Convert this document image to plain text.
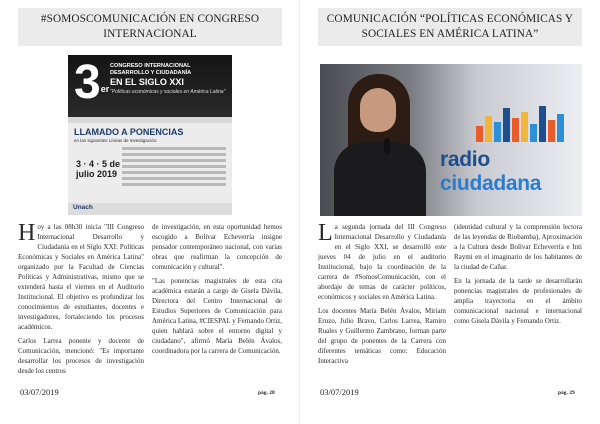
#SOMOSCOMUNICACIÓN EN CONGRESO INTERNACIONAL
3er
CONGRESO INTERNACIONAL DESARROLLO Y CIUDADANÍA
EN EL SIGLO XXI
"Políticas económicas y sociales en América Latina"
LLAMADO A PONENCIAS
en las siguientes Líneas de Investigación:
3 · 4 · 5 de julio 2019
Unach

Hoy a las 08h30 inicia "III Congreso Internacional Desarrollo y Ciudadanía en el Siglo XXI: Políticas Económicas y Sociales en América Latina" organizado por la Facultad de Ciencias Políticas y Administrativas, mismo que se extenderá hasta el viernes en el Auditorio Institucional. El objetivo es profundizar los conocimientos de estudiantes, docentes e investigadores, fortaleciendo los procesos académicos.

Carlos Larrea ponente y docente de Comunicación, mencionó: "Es importante desarrollar los procesos de investigación desde los centros

de investigación, en esta oportunidad hemos escogido a Bolívar Echeverría insigne pensador contemporáneo nacional, con varias obras que reafirman la concepción de comunicación y cultural".

"Las ponencias magistrales de esta cita académica estarán a cargo de Gisela Dávila, Directora del Centro Internacional de Estudios Superiores de Comunicación para América Latina, #CIESPAL y Fernando Ortiz, quien hablará sobre el entorno digital y ciudadano", afirmó María Belén Ávalos, coordinadora por la carrera de Comunicación.

03/07/2019	pág. 28
COMUNICACIÓN “POLÍTICAS ECONÓMICAS Y SOCIALES EN AMÉRICA LATINA”

La segunda jornada del III Congreso Internacional Desarrollo y Ciudadanía en el Siglo XXI, se desarrolló este jueves 04 de julio en el auditorio Institucional, bajo la coordinación de la carrera de #SomosComunicación, con el abordaje de temas de carácter políticos, económicos y sociales en América Latina.

Los docentes María Belén Ávalos, Miriam Eruzo, Julio Bravo, Carlos Larrea, Ramiro Ruales y Guillermo Zambrano, forman parte del grupo de ponentes de la Carrera con diferentes temáticas como: Educación Interactiva

(identidad cultural y la comprensión lectora de las leyendas de Riobamba), Aproximación a la Cultura desde Bolívar Echeverría e Inti Raymi en el imaginario de los habitantes de la ciudad de Cañar.

En la jornada de la tarde se desarrollarán ponencias magistrales de profesionales de amplia trayectoria en el ámbito comunicacional nacional e internacional como Gisela Dávila y Fernando Ortiz.

03/07/2019	pág. 29
radio ciudadana
